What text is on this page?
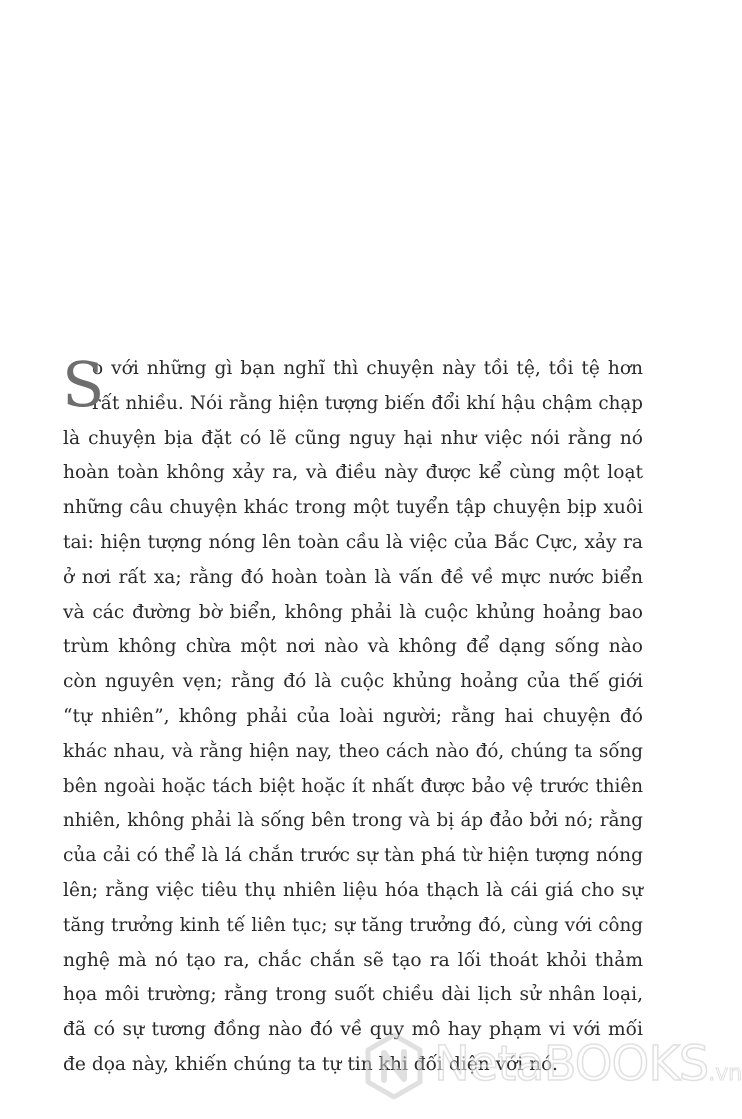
S
o với những gì bạn nghĩ thì chuyện này tồi tệ, tồi tệ hơn
rất nhiều. Nói rằng hiện tượng biến đổi khí hậu chậm chạp
là chuyện bịa đặt có lẽ cũng nguy hại như việc nói rằng nó
hoàn toàn không xảy ra, và điều này được kể cùng một loạt
những câu chuyện khác trong một tuyển tập chuyện bịp xuôi
tai: hiện tượng nóng lên toàn cầu là việc của Bắc Cực, xảy ra
ở nơi rất xa; rằng đó hoàn toàn là vấn đề về mực nước biển
và các đường bờ biển, không phải là cuộc khủng hoảng bao
trùm không chừa một nơi nào và không để dạng sống nào
còn nguyên vẹn; rằng đó là cuộc khủng hoảng của thế giới
“tự nhiên”, không phải của loài người; rằng hai chuyện đó
khác nhau, và rằng hiện nay, theo cách nào đó, chúng ta sống
bên ngoài hoặc tách biệt hoặc ít nhất được bảo vệ trước thiên
nhiên, không phải là sống bên trong và bị áp đảo bởi nó; rằng
của cải có thể là lá chắn trước sự tàn phá từ hiện tượng nóng
lên; rằng việc tiêu thụ nhiên liệu hóa thạch là cái giá cho sự
tăng trưởng kinh tế liên tục; sự tăng trưởng đó, cùng với công
nghệ mà nó tạo ra, chắc chắn sẽ tạo ra lối thoát khỏi thảm
họa môi trường; rằng trong suốt chiều dài lịch sử nhân loại,
đã có sự tương đồng nào đó về quy mô hay phạm vi với mối
đe dọa này, khiến chúng ta tự tin khi đối diện với nó.
NetaBOOKS.vn
